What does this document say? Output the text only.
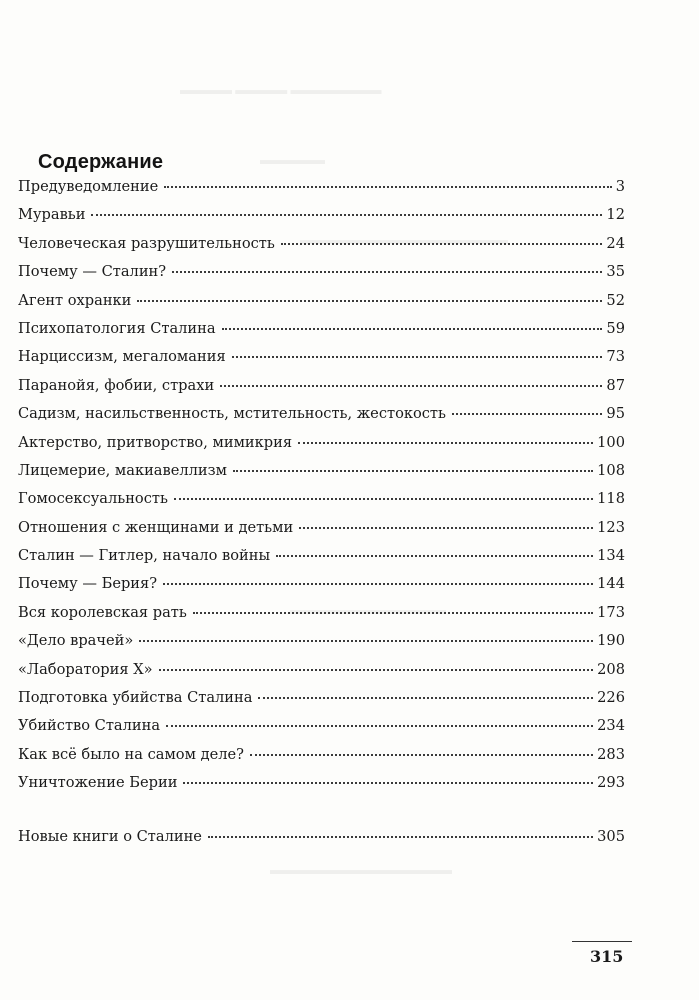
▬▬▬▬ ▬▬▬▬ ▬▬▬▬▬▬▬
▬▬▬▬▬
▬▬▬▬▬▬▬▬▬▬▬▬▬▬▬▬
▬▬▬▬▬▬▬▬▬▬▬▬
▬▬▬▬▬▬▬▬▬▬▬▬▬▬
Содержание
Предуведомление	3
Муравьи	12
Человеческая разрушительность	24
Почему — Сталин?	35
Агент охранки	52
Психопатология Сталина	59
Нарциссизм, мегаломания	73
Паранойя, фобии, страхи	87
Садизм, насильственность, мстительность, жестокость	95
Актерство, притворство, мимикрия	100
Лицемерие, макиавеллизм	108
Гомосексуальность	118
Отношения с женщинами и детьми	123
Сталин — Гитлер, начало войны	134
Почему — Берия?	144
Вся королевская рать	173
«Дело врачей»	190
«Лаборатория Х»	208
Подготовка убийства Сталина	226
Убийство Сталина	234
Как всё было на самом деле?	283
Уничтожение Берии	293
Новые книги о Сталине	305
315
